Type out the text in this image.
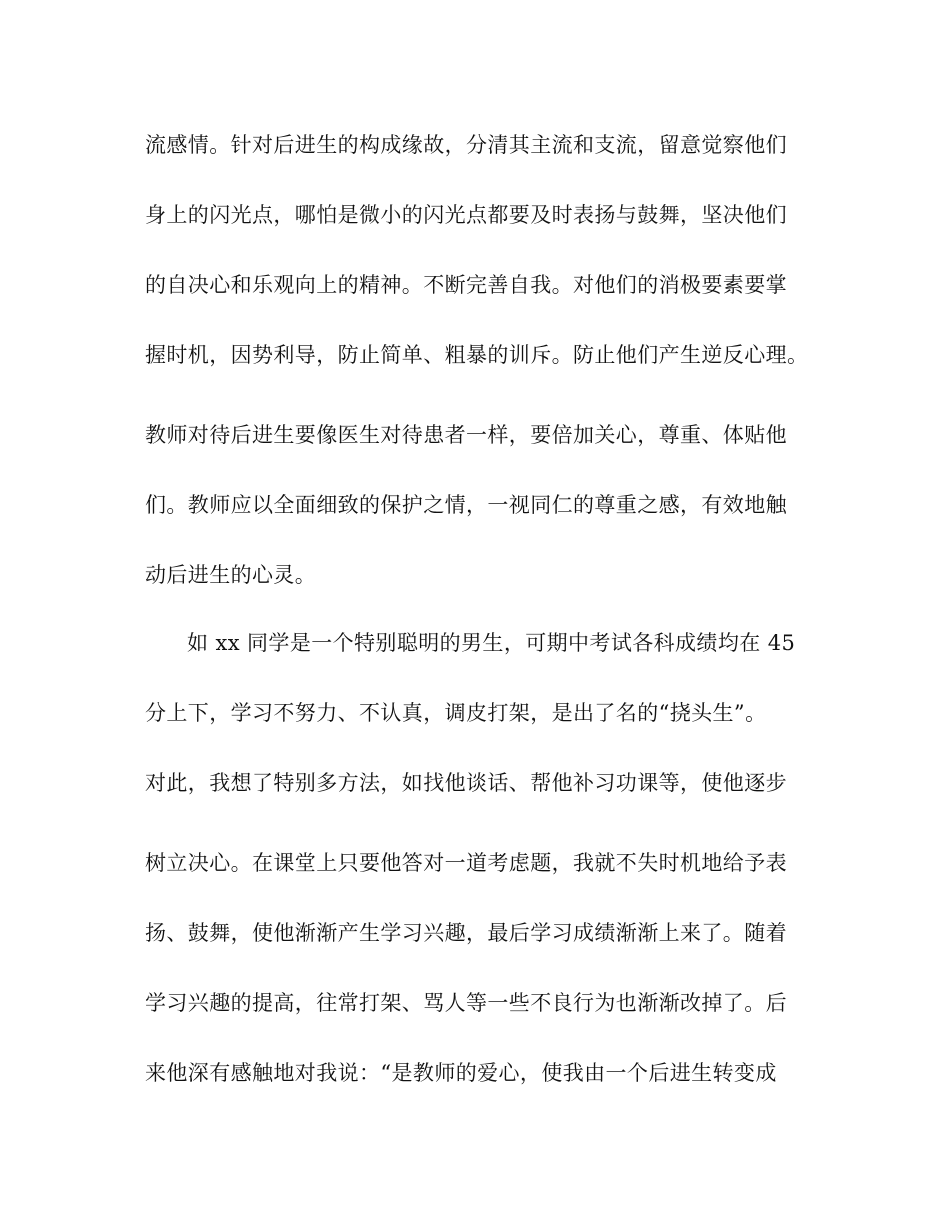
流感情。针对后进生的构成缘故，分清其主流和支流，留意觉察他们
身上的闪光点，哪怕是微小的闪光点都要及时表扬与鼓舞，坚决他们
的自决心和乐观向上的精神。不断完善自我。对他们的消极要素要掌
握时机，因势利导，防止简单、粗暴的训斥。防止他们产生逆反心理。
教师对待后进生要像医生对待患者一样，要倍加关心，尊重、体贴他
们。教师应以全面细致的保护之情，一视同仁的尊重之感，有效地触
动后进生的心灵。
如 xx 同学是一个特别聪明的男生，可期中考试各科成绩均在 45
分上下，学习不努力、不认真，调皮打架，是出了名的“挠头生”。
对此，我想了特别多方法，如找他谈话、帮他补习功课等，使他逐步
树立决心。在课堂上只要他答对一道考虑题，我就不失时机地给予表
扬、鼓舞，使他渐渐产生学习兴趣，最后学习成绩渐渐上来了。随着
学习兴趣的提高，往常打架、骂人等一些不良行为也渐渐改掉了。后
来他深有感触地对我说：“是教师的爱心，使我由一个后进生转变成
